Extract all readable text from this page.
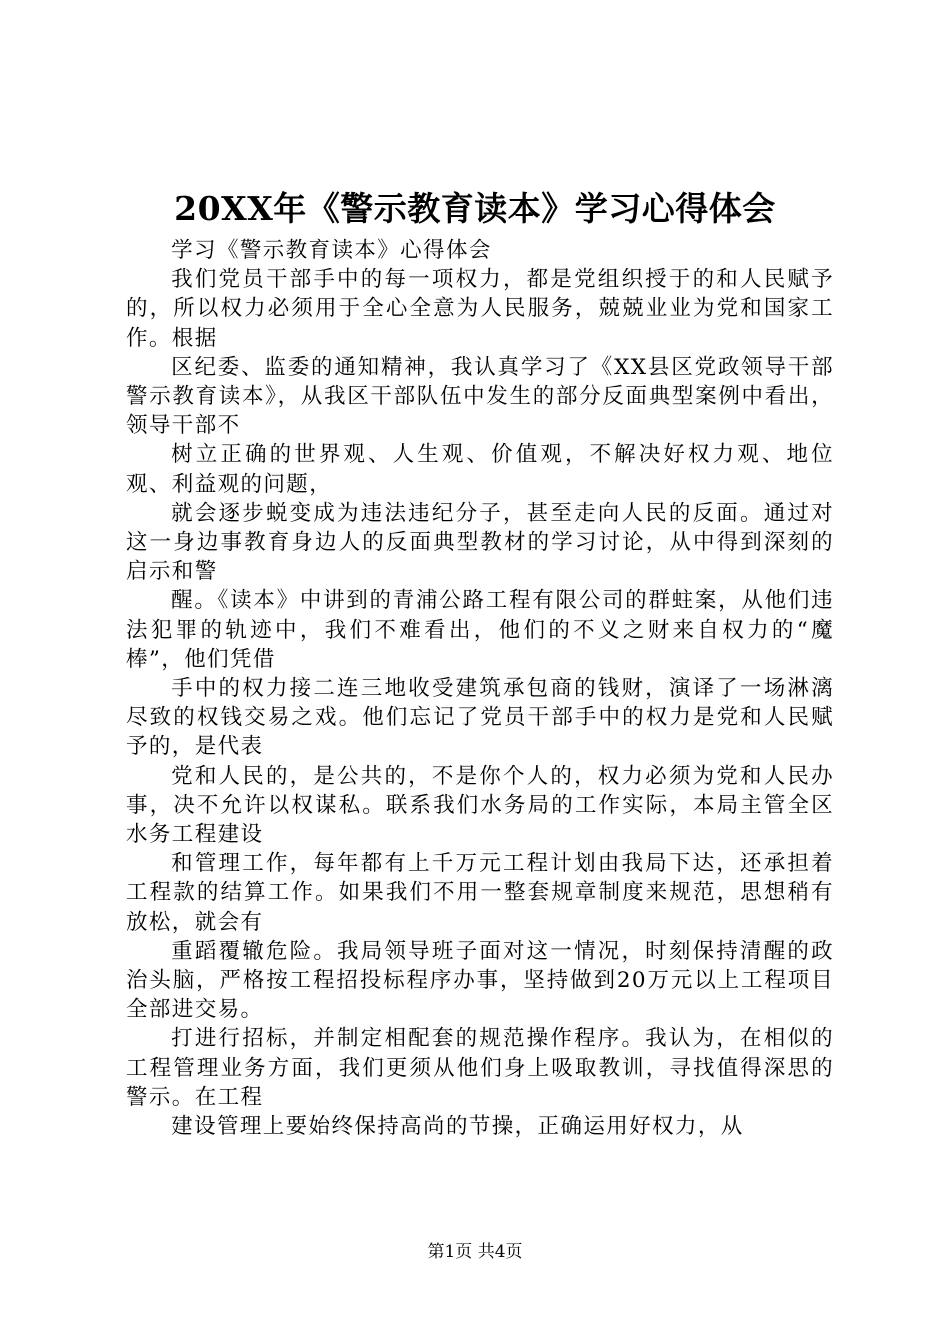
20XX年《警示教育读本》学习心得体会

学习《警示教育读本》心得体会

我们党员干部手中的每一项权力，都是党组织授于的和人民赋予的，所以权力必须用于全心全意为人民服务，兢兢业业为党和国家工作。根据

区纪委、监委的通知精神，我认真学习了《XX县区党政领导干部警示教育读本》，从我区干部队伍中发生的部分反面典型案例中看出，领导干部不

树立正确的世界观、人生观、价值观，不解决好权力观、地位观、利益观的问题，

就会逐步蜕变成为违法违纪分子，甚至走向人民的反面。通过对这一身边事教育身边人的反面典型教材的学习讨论，从中得到深刻的启示和警

醒。《读本》中讲到的青浦公路工程有限公司的群蛀案，从他们违法犯罪的轨迹中，我们不难看出，他们的不义之财来自权力的“魔棒”，他们凭借

手中的权力接二连三地收受建筑承包商的钱财，演译了一场淋漓尽致的权钱交易之戏。他们忘记了党员干部手中的权力是党和人民赋予的，是代表

党和人民的，是公共的，不是你个人的，权力必须为党和人民办事，决不允许以权谋私。联系我们水务局的工作实际，本局主管全区水务工程建设

和管理工作，每年都有上千万元工程计划由我局下达，还承担着工程款的结算工作。如果我们不用一整套规章制度来规范，思想稍有放松，就会有

重蹈覆辙危险。我局领导班子面对这一情况，时刻保持清醒的政治头脑，严格按工程招投标程序办事，坚持做到20万元以上工程项目全部进交易。

打进行招标，并制定相配套的规范操作程序。我认为，在相似的工程管理业务方面，我们更须从他们身上吸取教训，寻找值得深思的警示。在工程

建设管理上要始终保持高尚的节操，正确运用好权力，从

第1页 共4页
